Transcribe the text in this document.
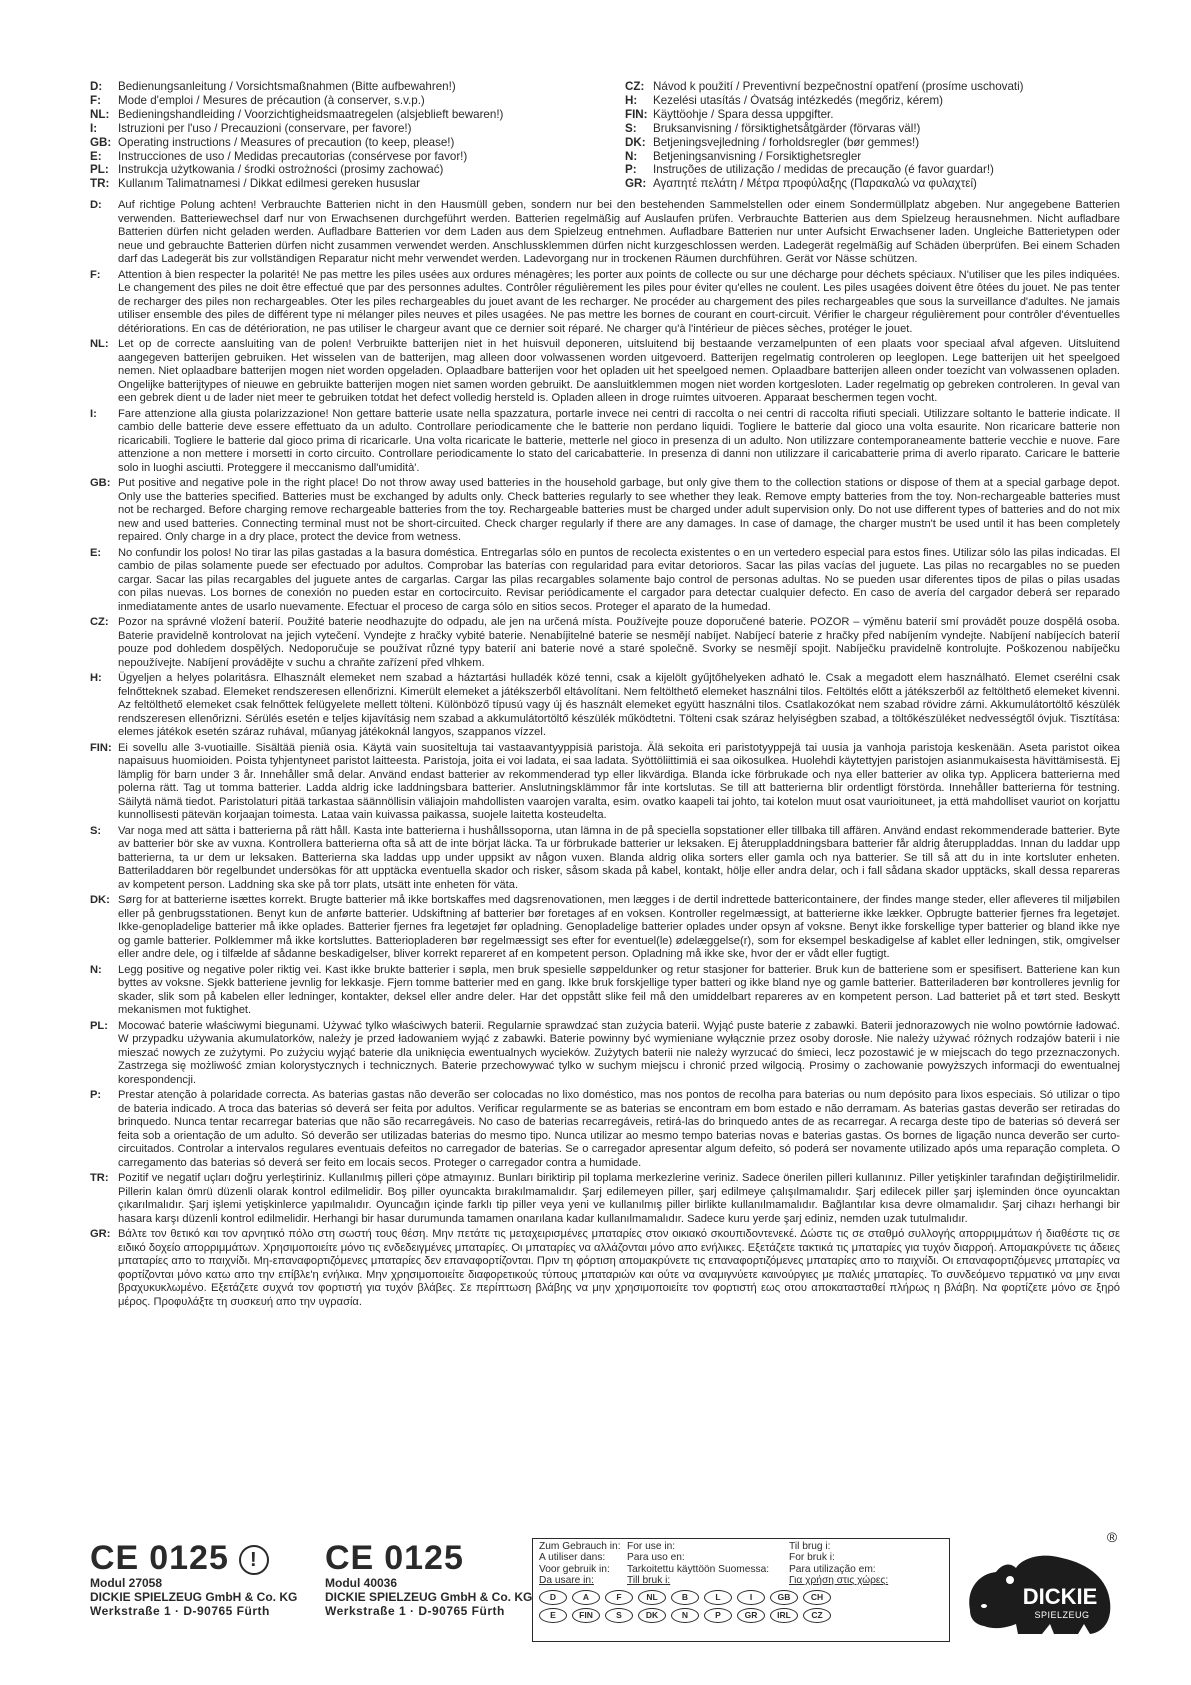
D: Bedienungsanleitung / Vorsichtsmaßnahmen (Bitte aufbewahren!)
F: Mode d'emploi / Mesures de précaution (à conserver, s.v.p.)
NL: Bedieningshandleiding / Voorzichtigheidsmaatregelen (alsjeblieft bewaren!)
I: Istruzioni per l'uso / Precauzioni (conservare, per favore!)
GB: Operating instructions / Measures of precaution (to keep, please!)
E: Instrucciones de uso / Medidas precautorias (consérvese por favor!)
PL: Instrukcja użytkowania / środki ostrożności (prosimy zachować)
TR: Kullanım Talimatnamesi / Dikkat edilmesi gereken hususlar
CZ: Návod k použití / Preventivní bezpečnostní opatření (prosíme uschovati)
H: Kezelési utasítás / Óvatság intézkedés (megőriz, kérem)
FIN: Käyttöohje / Spara dessa uppgifter.
S: Bruksanvisning / försiktighetsåtgärder (förvaras väl!)
DK: Betjeningsvejledning / forholdsregler (bør gemmes!)
N: Betjeningsanvisning / Forsiktighetsregler
P: Instruções de utilização / medidas de precaução (é favor guardar!)
GR: Αγαπητέ πελάτη / Μέτρα προφύλαξης (Παρακαλώ να φυλαχτεί)
D:	Auf richtige Polung achten! Verbrauchte Batterien nicht in den Hausmüll geben, sondern nur bei den bestehenden Sammelstellen oder einem Sondermüllplatz abgeben. Nur angegebene Batterien verwenden. Batteriewechsel darf nur von Erwachsenen durchgeführt werden. Batterien regelmäßig auf Auslaufen prüfen. Verbrauchte Batterien aus dem Spielzeug herausnehmen. Nicht aufladbare Batterien dürfen nicht geladen werden. Aufladbare Batterien vor dem Laden aus dem Spielzeug entnehmen. Aufladbare Batterien nur unter Aufsicht Erwachsener laden. Ungleiche Batterietypen oder neue und gebrauchte Batterien dürfen nicht zusammen verwendet werden. Anschlussklemmen dürfen nicht kurzgeschlossen werden. Ladegerät regelmäßig auf Schäden überprüfen. Bei einem Schaden darf das Ladegerät bis zur vollständigen Reparatur nicht mehr verwendet werden. Ladevorgang nur in trockenen Räumen durchführen. Gerät vor Nässe schützen.
F:	Attention à bien respecter la polarité! Ne pas mettre les piles usées aux ordures ménagères; les porter aux points de collecte ou sur une décharge pour déchets spéciaux. N'utiliser que les piles indiquées. Le changement des piles ne doit être effectué que par des personnes adultes. Contrôler régulièrement les piles pour éviter qu'elles ne coulent. Les piles usagées doivent être ôtées du jouet. Ne pas tenter de recharger des piles non rechargeables. Oter les piles rechargeables du jouet avant de les recharger. Ne procéder au chargement des piles rechargeables que sous la surveillance d'adultes. Ne jamais utiliser ensemble des piles de différent type ni mélanger piles neuves et piles usagées. Ne pas mettre les bornes de courant en court-circuit. Vérifier le chargeur régulièrement pour contrôler d'éventuelles détériorations. En cas de détérioration, ne pas utiliser le chargeur avant que ce dernier soit réparé. Ne charger qu'à l'intérieur de pièces sèches, protéger le jouet.
NL: Let op de correcte aansluiting van de polen! Verbruikte batterijen niet in het huisvuil deponeren, uitsluitend bij bestaande verzamelpunten of een plaats voor speciaal afval afgeven. Uitsluitend aangegeven batterijen gebruiken. Het wisselen van de batterijen, mag alleen door volwassenen worden uitgevoerd. Batterijen regelmatig controleren op leeglopen. Lege batterijen uit het speelgoed nemen. Niet oplaadbare batterijen mogen niet worden opgeladen. Oplaadbare batterijen voor het opladen uit het speelgoed nemen. Oplaadbare batterijen alleen onder toezicht van volwassenen opladen. Ongelijke batterijtypes of nieuwe en gebruikte batterijen mogen niet samen worden gebruikt. De aansluitklemmen mogen niet worden kortgesloten. Lader regelmatig op gebreken controleren. In geval van een gebrek dient u de lader niet meer te gebruiken totdat het defect volledig hersteld is. Opladen alleen in droge ruimtes uitvoeren. Apparaat beschermen tegen vocht.
I:	Fare attenzione alla giusta polarizzazione! Non gettare batterie usate nella spazzatura, portarle invece nei centri di raccolta o nei centri di raccolta rifiuti speciali. Utilizzare soltanto le batterie indicate. Il cambio delle batterie deve essere effettuato da un adulto. Controllare periodicamente che le batterie non perdano liquidi. Togliere le batterie dal gioco una volta esaurite. Non ricaricare batterie non ricaricabili. Togliere le batterie dal gioco prima di ricaricarle. Una volta ricaricate le batterie, metterle nel gioco in presenza di un adulto. Non utilizzare contemporaneamente batterie vecchie e nuove. Fare attenzione a non mettere i morsetti in corto circuito. Controllare periodicamente lo stato del caricabatterie. In presenza di danni non utilizzare il caricabatterie prima di averlo riparato. Caricare le batterie solo in luoghi asciutti. Proteggere il meccanismo dall'umidità'.
GB: Put positive and negative pole in the right place! Do not throw away used batteries in the household garbage, but only give them to the collection stations or dispose of them at a special garbage depot. Only use the batteries specified. Batteries must be exchanged by adults only. Check batteries regularly to see whether they leak. Remove empty batteries from the toy. Non-rechargeable batteries must not be recharged. Before charging remove rechargeable batteries from the toy. Rechargeable batteries must be charged under adult supervision only. Do not use different types of batteries and do not mix new and used batteries. Connecting terminal must not be short-circuited. Check charger regularly if there are any damages. In case of damage, the charger mustn't be used until it has been completely repaired. Only charge in a dry place, protect the device from wetness.
E:	No confundir los polos! No tirar las pilas gastadas a la basura doméstica. Entregarlas sólo en puntos de recolecta existentes o en un vertedero especial para estos fines. Utilizar sólo las pilas indicadas. El cambio de pilas solamente puede ser efectuado por adultos. Comprobar las baterías con regularidad para evitar detorioros. Sacar las pilas vacías del juguete. Las pilas no recargables no se pueden cargar. Sacar las pilas recargables del juguete antes de cargarlas. Cargar las pilas recargables solamente bajo control de personas adultas. No se pueden usar diferentes tipos de pilas o pilas usadas con pilas nuevas. Los bornes de conexión no pueden estar en cortocircuito. Revisar periódicamente el cargador para detectar cualquier defecto. En caso de avería del cargador deberá ser reparado inmediatamente antes de usarlo nuevamente. Efectuar el proceso de carga sólo en sitios secos. Proteger el aparato de la humedad.
CZ: Pozor na správné vložení baterií. Použité baterie neodhazujte do odpadu, ale jen na určená místa. Používejte pouze doporučené baterie. POZOR – výměnu baterií smí provádět pouze dospělá osoba. Baterie pravidelně kontrolovat na jejich vytečení. Vyndejte z hračky vybité baterie. Nenabíjitelné baterie se nesmějí nabíjet. Nabíjecí baterie z hračky před nabíjením vyndejte. Nabíjení nabíjecích baterií pouze pod dohledem dospělých. Nedoporučuje se používat různé typy baterií ani baterie nové a staré společně. Svorky se nesmějí spojit. Nabíječku pravidelně kontrolujte. Poškozenou nabíječku nepoužívejte. Nabíjení provádějte v suchu a chraňte zařízení před vlhkem.
H:	Ügyeljen a helyes polaritásra. Elhasznált elemeket nem szabad a háztartási hulladék közé tenni, csak a kijelölt gyűjtőhelyeken adható le. Csak a megadott elem használható. Elemet cserélni csak felnőtteknek szabad. Elemeket rendszeresen ellenőrizni. Kimerült elemeket a játékszerből eltávolítani. Nem feltölthető elemeket használni tilos. Feltöltés előtt a játékszerből az feltölthető elemeket kivenni. Az feltölthető elemeket csak felnőttek felügyelete mellett tölteni. Különböző típusú vagy új és használt elemeket együtt használni tilos. Csatlakozókat nem szabad rövidre zárni. Akkumulátortöltő készülék rendszeresen ellenőrizni. Sérülés esetén e teljes kijavításig nem szabad a akkumulátortöltő készülék működtetni. Tölteni csak száraz helyiségben szabad, a töltőkészüléket nedvességtől óvjuk. Tisztítása: elemes játékok esetén száraz ruhával, műanyag játékoknál langyos, szappanos vízzel.
FIN: Ei sovellu alle 3-vuotiaille. Sisältää pieniä osia. Käytä vain suositeltuja tai vastaavantyyppisiä paristoja. Älä sekoita eri paristotyyppejä tai uusia ja vanhoja paristoja keskenään. Aseta paristot oikea napaisuus huomioiden. Poista tyhjentyneet paristot laitteesta. Paristoja, joita ei voi ladata, ei saa ladata. Syöttöliittimiä ei saa oikosulkea. Huolehdi käytettyjen paristojen asianmukaisesta hävittämisestä. Ej lämplig för barn under 3 år. Innehåller små delar. Använd endast batterier av rekommenderad typ eller likvärdiga. Blanda icke förbrukade och nya eller batterier av olika typ. Applicera batterierna med polerna rätt. Tag ut tomma batterier. Ladda aldrig icke laddningsbara batterier. Anslutningsklämmor får inte kortslutas. Se till att batterierna blir ordentligt förstörda. Innehåller batterierna för testning. Säilytä nämä tiedot. Paristolaturi pitää tarkastaa säännöllisin väliajoin mahdollisten vaarojen varalta, esim. ovatko kaapeli tai johto, tai kotelon muut osat vaurioituneet, ja että mahdolliset vauriot on korjattu kunnollisesti pätevän korjaajan toimesta. Lataa vain kuivassa paikassa, suojele laitetta kosteudelta.
S:	Var noga med att sätta i batterierna på rätt håll. Kasta inte batterierna i hushållssoporna, utan lämna in de på speciella sopstationer eller tillbaka till affären. Använd endast rekommenderade batterier. Byte av batterier bör ske av vuxna. Kontrollera batterierna ofta så att de inte börjat läcka. Ta ur förbrukade batterier ur leksaken. Ej återuppladdningsbara batterier får aldrig återuppladdas. Innan du laddar upp batterierna, ta ur dem ur leksaken. Batterierna ska laddas upp under uppsikt av någon vuxen. Blanda aldrig olika sorters eller gamla och nya batterier. Se till så att du in inte kortsluter enheten. Batteriladdaren bör regelbundet undersökas för att upptäcka eventuella skador och risker, såsom skada på kabel, kontakt, hölje eller andra delar, och i fall sådana skador upptäcks, skall dessa repareras av kompetent person. Laddning ska ske på torr plats, utsätt inte enheten för väta.
DK: Sørg for at batterierne isættes korrekt. Brugte batterier må ikke bortskaffes med dagsrenovationen, men lægges i de dertil indrettede battericontainere, der findes mange steder, eller afleveres til miljøbilen eller på genbrugsstationen. Benyt kun de anførte batterier. Udskiftning af batterier bør foretages af en voksen. Kontroller regelmæssigt, at batterierne ikke lækker. Opbrugte batterier fjernes fra legetøjet. Ikke-genopladelige batterier må ikke oplades. Batterier fjernes fra legetøjet før opladning. Genopladelige batterier oplades under opsyn af voksne. Benyt ikke forskellige typer batterier og bland ikke nye og gamle batterier. Polklemmer må ikke kortsluttes. Batteriopladeren bør regelmæssigt ses efter for eventuel(le) ødelæggelse(r), som for eksempel beskadigelse af kablet eller ledningen, stik, omgivelser eller andre dele, og i tilfælde af sådanne beskadigelser, bliver korrekt repareret af en kompetent person. Opladning må ikke ske, hvor der er vådt eller fugtigt.
N:	Legg positive og negative poler riktig vei. Kast ikke brukte batterier i søpla, men bruk spesielle søppeldunker og retur stasjoner for batterier. Bruk kun de batteriene som er spesifisert. Batteriene kan kun byttes av voksne. Sjekk batteriene jevnlig for lekkasje. Fjern tomme batterier med en gang. Ikke bruk forskjellige typer batteri og ikke bland nye og gamle batterier. Batteriladeren bør kontrolleres jevnlig for skader, slik som på kabelen eller ledninger, kontakter, deksel eller andre deler. Har det oppstått slike feil må den umiddelbart repareres av en kompetent person. Lad batteriet på et tørt sted. Beskytt mekanismen mot fuktighet.
PL: Mocować baterie właściwymi biegunami. Używać tylko właściwych baterii. Regularnie sprawdzać stan zużycia baterii. Wyjąć puste baterie z zabawki. Baterii jednorazowych nie wolno powtórnie ładować. W przypadku używania akumulatorków, należy je przed ładowaniem wyjąć z zabawki. Baterie powinny być wymieniane wyłącznie przez osoby dorosłe. Nie należy używać różnych rodzajów baterii i nie mieszać nowych ze zużytymi. Po zużyciu wyjąć baterie dla uniknięcia ewentualnych wycieków. Zużytych baterii nie należy wyrzucać do śmieci, lecz pozostawić je w miejscach do tego przeznaczonych. Zastrzega się możliwość zmian kolorystycznych i technicznych. Baterie przechowywać tylko w suchym miejscu i chronić przed wilgocią. Prosimy o zachowanie powyższych informacji do ewentualnej korespondencji.
P:	Prestar atenção à polaridade correcta. As baterias gastas não deverão ser colocadas no lixo doméstico, mas nos pontos de recolha para baterias ou num depósito para lixos especiais. Só utilizar o tipo de bateria indicado. A troca das baterias só deverá ser feita por adultos. Verificar regularmente se as baterias se encontram em bom estado e não derramam. As baterias gastas deverão ser retiradas do brinquedo. Nunca tentar recarregar baterias que não são recarregáveis. No caso de baterias recarregáveis, retirá-las do brinquedo antes de as recarregar. A recarga deste tipo de baterias só deverá ser feita sob a orientação de um adulto. Só deverão ser utilizadas baterias do mesmo tipo. Nunca utilizar ao mesmo tempo baterias novas e baterias gastas. Os bornes de ligação nunca deverão ser curto-circuitados. Controlar a intervalos regulares eventuais defeitos no carregador de baterias. Se o carregador apresentar algum defeito, só poderá ser novamente utilizado após uma reparação completa. O carregamento das baterias só deverá ser feito em locais secos. Proteger o carregador contra a humidade.
TR: Pozitif ve negatif uçları doğru yerleştiriniz. Kullanılmış pilleri çöpe atmayınız. Bunları biriktirip pil toplama merkezlerine veriniz. Sadece önerilen pilleri kullanınız. Piller yetişkinler tarafından değiştirilmelidir. Pillerin kalan ömrü düzenli olarak kontrol edilmelidir. Boş piller oyuncakta bırakılmamalıdır. Şarj edilemeyen piller, şarj edilmeye çalışılmamalıdır. Şarj edilecek piller şarj işleminden önce oyuncaktan çıkarılmalıdır. Şarj işlemi yetişkinlerce yapılmalıdır. Oyuncağın içinde farklı tip piller veya yeni ve kullanılmış piller birlikte kullanılmamalıdır. Bağlantılar kısa devre olmamalıdır. Şarj cihazı herhangi bir hasara karşı düzenli kontrol edilmelidir. Herhangi bir hasar durumunda tamamen onarılana kadar kullanılmamalıdır. Sadece kuru yerde şarj ediniz, nemden uzak tutulmalıdır.
GR: Βάλτε τον θετικό και τον αρνητικό πόλο στη σωστή τους θέση. Μην πετάτε τις μεταχειρισμένες μπαταρίες στον οικιακό σκουπιδοντενεκέ. Δώστε τις σε σταθμό συλλογής απορριμμάτων ή διαθέστε τις σε ειδικό δοχείο απορριμμάτων. Χρησιμοποιείτε μόνο τις ενδεδειγμένες μπαταρίες. Οι μπαταρίες να αλλάζονται μόνο απο ενήλικες. Εξετάζετε τακτικά τις μπαταρίες για τυχόν διαρροή. Απομακρύνετε τις άδειες μπαταρίες απο το παιχνίδι. Μη-επαναφορτιζόμενες μπαταρίες δεν επαναφορτίζονται. Πριν τη φόρτιση απομακρύνετε τις επαναφορτιζόμενες μπαταρίες απο το παιχνίδι. Οι επαναφορτιζόμενες μπαταρίες να φορτίζονται μόνο κατω απο την επίβλε'η ενήλικα. Μην χρησιμοποιείτε διαφορετικούς τύπους μπαταριών και ούτε να αναμιγνύετε καινούργιες με παλιές μπαταρίες. Το συνδεόμενο τερματικό να μην ειναι βραχυκυκλωμένο. Εξετάζετε συχνά τον φορτιστή για τυχόν βλάβες. Σε περίπτωση βλάβης να μην χρησιμοποιείτε τον φορτιστή εως οτου αποκατασταθεί πλήρως η βλάβη. Να φορτίζετε μόνο σε ξηρό μέρος. Προφυλάξτε τη συσκευή απο την υγρασία.
CE 0125 !
Modul 27058
DICKIE SPIELZEUG GmbH & Co. KG
Werkstraße 1 · D-90765 Fürth
CE 0125
Modul 40036
DICKIE SPIELZEUG GmbH & Co. KG
Werkstraße 1 · D-90765 Fürth
Zum Gebrauch in: For use in:	Til brug i:
A utiliser dans:	Para uso en:	For bruk i:
Voor gebruik in:	Tarkoitettu käyttöön Suomessa:	Para utilização em:
Da usare in:	Till bruk i:	Για χρήση στις χώρες:
D	A	F	NL	B	L	I	GB	CH
E	FIN	S	DK	N	P	GR	IRL	CZ
DICKIE
SPIELZEUG
®
